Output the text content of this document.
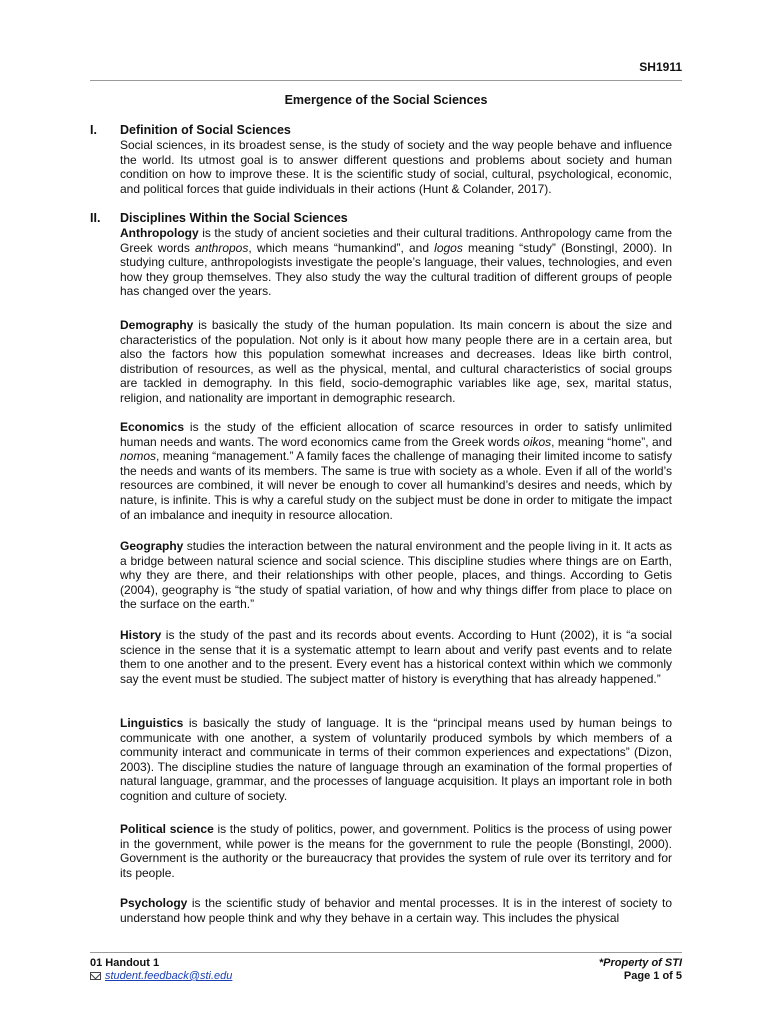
SH1911
Emergence of the Social Sciences
I. Definition of Social Sciences
Social sciences, in its broadest sense, is the study of society and the way people behave and influence the world. Its utmost goal is to answer different questions and problems about society and human condition on how to improve these. It is the scientific study of social, cultural, psychological, economic, and political forces that guide individuals in their actions (Hunt & Colander, 2017).
II. Disciplines Within the Social Sciences
Anthropology is the study of ancient societies and their cultural traditions. Anthropology came from the Greek words anthropos, which means “humankind”, and logos meaning “study” (Bonstingl, 2000). In studying culture, anthropologists investigate the people’s language, their values, technologies, and even how they group themselves. They also study the way the cultural tradition of different groups of people has changed over the years.
Demography is basically the study of the human population. Its main concern is about the size and characteristics of the population. Not only is it about how many people there are in a certain area, but also the factors how this population somewhat increases and decreases. Ideas like birth control, distribution of resources, as well as the physical, mental, and cultural characteristics of social groups are tackled in demography. In this field, socio-demographic variables like age, sex, marital status, religion, and nationality are important in demographic research.
Economics is the study of the efficient allocation of scarce resources in order to satisfy unlimited human needs and wants. The word economics came from the Greek words oikos, meaning “home”, and nomos, meaning “management.” A family faces the challenge of managing their limited income to satisfy the needs and wants of its members. The same is true with society as a whole. Even if all of the world’s resources are combined, it will never be enough to cover all humankind’s desires and needs, which by nature, is infinite. This is why a careful study on the subject must be done in order to mitigate the impact of an imbalance and inequity in resource allocation.
Geography studies the interaction between the natural environment and the people living in it. It acts as a bridge between natural science and social science. This discipline studies where things are on Earth, why they are there, and their relationships with other people, places, and things. According to Getis (2004), geography is “the study of spatial variation, of how and why things differ from place to place on the surface on the earth.”
History is the study of the past and its records about events. According to Hunt (2002), it is “a social science in the sense that it is a systematic attempt to learn about and verify past events and to relate them to one another and to the present. Every event has a historical context within which we commonly say the event must be studied. The subject matter of history is everything that has already happened.”
Linguistics is basically the study of language. It is the “principal means used by human beings to communicate with one another, a system of voluntarily produced symbols by which members of a community interact and communicate in terms of their common experiences and expectations” (Dizon, 2003). The discipline studies the nature of language through an examination of the formal properties of natural language, grammar, and the processes of language acquisition. It plays an important role in both cognition and culture of society.
Political science is the study of politics, power, and government. Politics is the process of using power in the government, while power is the means for the government to rule the people (Bonstingl, 2000). Government is the authority or the bureaucracy that provides the system of rule over its territory and for its people.
Psychology is the scientific study of behavior and mental processes. It is in the interest of society to understand how people think and why they behave in a certain way. This includes the physical
01 Handout 1
student.feedback@sti.edu
*Property of STI
Page 1 of 5
